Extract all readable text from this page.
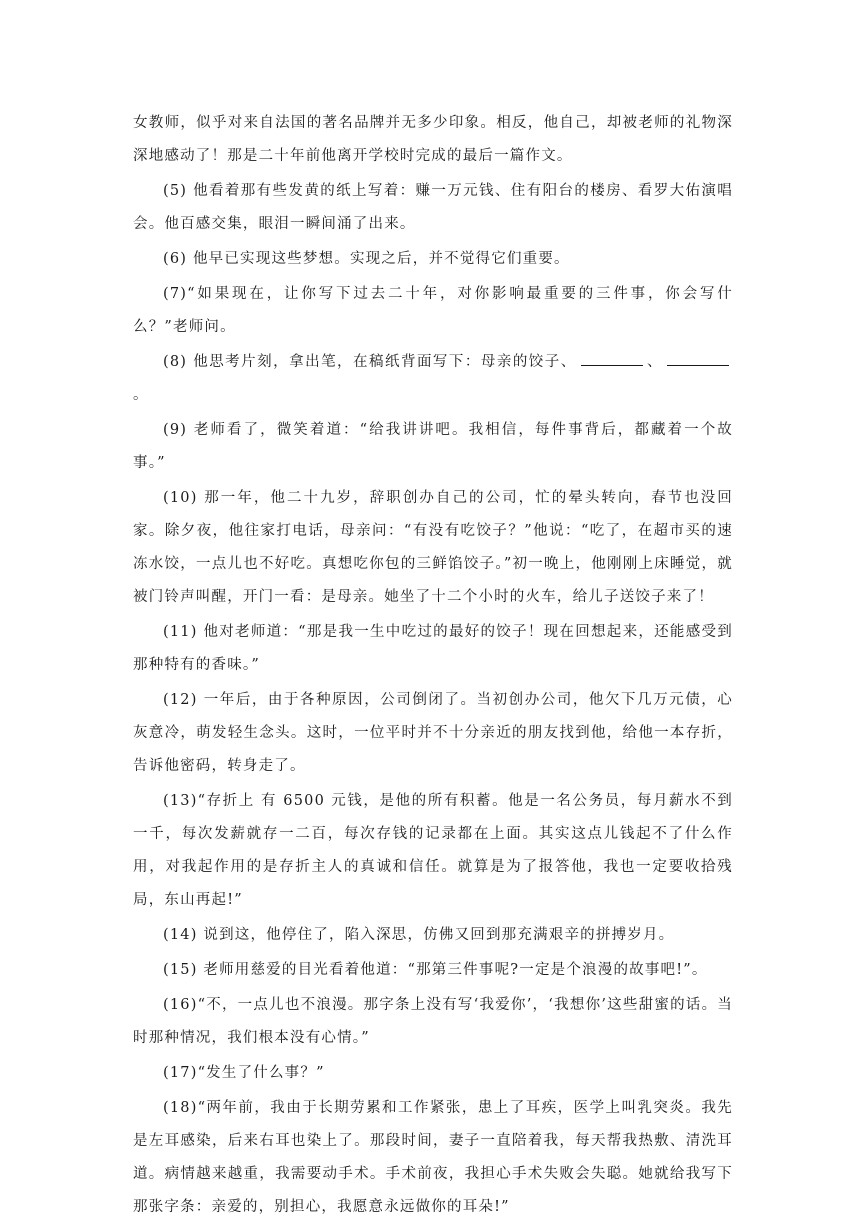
女教师，似乎对来自法国的著名品牌并无多少印象。相反，他自己，却被老师的礼物深深地感动了！那是二十年前他离开学校时完成的最后一篇作文。

(5) 他看着那有些发黄的纸上写着：赚一万元钱、住有阳台的楼房、看罗大佑演唱会。他百感交集，眼泪一瞬间涌了出来。

(6) 他早已实现这些梦想。实现之后，并不觉得它们重要。

(7)“如果现在，让你写下过去二十年，对你影响最重要的三件事，你会写什么？”老师问。

(8) 他思考片刻，拿出笔，在稿纸背面写下：母亲的饺子、	、。

(9) 老师看了，微笑着道：“给我讲讲吧。我相信，每件事背后，都藏着一个故事。”

(10) 那一年，他二十九岁，辞职创办自己的公司，忙的晕头转向，春节也没回家。除夕夜，他往家打电话，母亲问：“有没有吃饺子？”他说：“吃了，在超市买的速冻水饺，一点儿也不好吃。真想吃你包的三鲜馅饺子。”初一晚上，他刚刚上床睡觉，就被门铃声叫醒，开门一看：是母亲。她坐了十二个小时的火车，给儿子送饺子来了！

(11) 他对老师道：“那是我一生中吃过的最好的饺子！现在回想起来，还能感受到那种特有的香味。”

(12) 一年后，由于各种原因，公司倒闭了。当初创办公司，他欠下几万元债，心灰意冷，萌发轻生念头。这时，一位平时并不十分亲近的朋友找到他，给他一本存折，告诉他密码，转身走了。

(13)“存折上 有 6500 元钱，是他的所有积蓄。他是一名公务员，每月薪水不到一千，每次发薪就存一二百，每次存钱的记录都在上面。其实这点儿钱起不了什么作用，对我起作用的是存折主人的真诚和信任。就算是为了报答他，我也一定要收拾残局，东山再起!”

(14) 说到这，他停住了，陷入深思，仿佛又回到那充满艰辛的拼搏岁月。

(15) 老师用慈爱的目光看着他道：“那第三件事呢?一定是个浪漫的故事吧!”。

(16)“不，一点儿也不浪漫。那字条上没有写‘我爱你’，‘我想你’这些甜蜜的话。当时那种情况，我们根本没有心情。”

(17)“发生了什么事？”

(18)“两年前，我由于长期劳累和工作紧张，患上了耳疾，医学上叫乳突炎。我先是左耳感染，后来右耳也染上了。那段时间，妻子一直陪着我，每天帮我热敷、清洗耳道。病情越来越重，我需要动手术。手术前夜，我担心手术失败会失聪。她就给我写下那张字条：亲爱的，别担心，我愿意永远做你的耳朵!”
